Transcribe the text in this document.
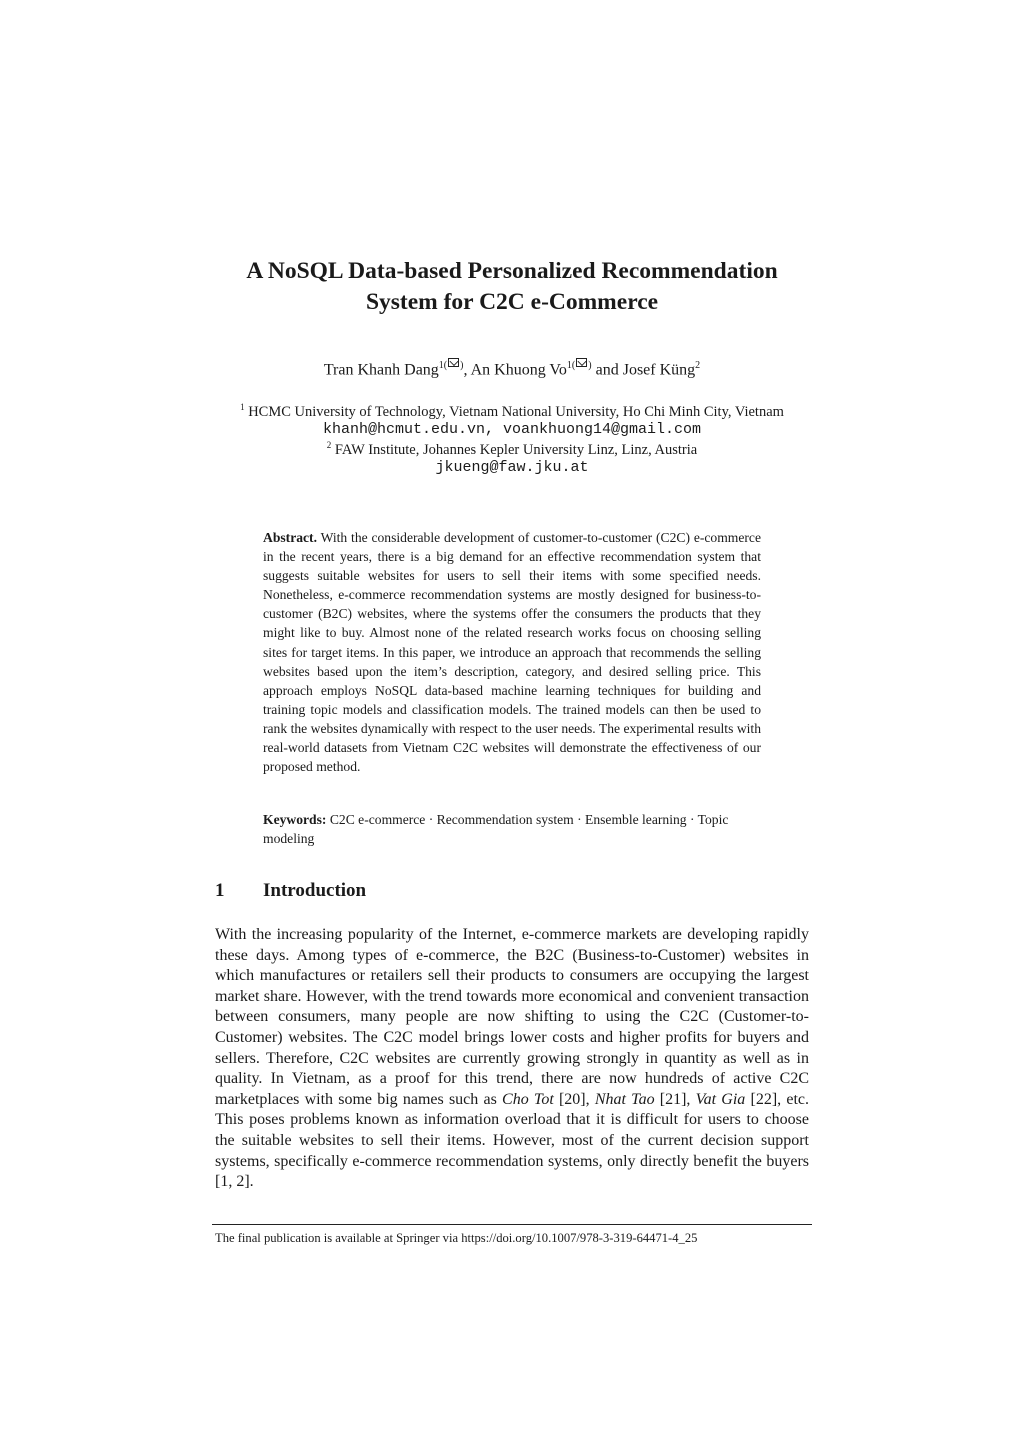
A NoSQL Data-based Personalized Recommendation
System for C2C e-Commerce
Tran Khanh Dang$^{1( )}$, An Khuong $Vo^{1( )}$ and Josef Küng$^2$
$^1$ HCMC University of Technology, Vietnam National University, Ho Chi Minh City, Vietnam
khanh@hcmut.edu.vn, voankhuong14@gmail.com
$^2$ FAW Institute, Johannes Kepler University Linz, Linz, Austria
jkueng@faw.jku.at

Abstract. With the considerable development of customer-to-customer (C2C) e-commerce in the recent years, there is a big demand for an effective recommendation system that suggests suitable websites for users to sell their items with some specified needs. Nonetheless, e-commerce recommendation systems are mostly designed for business-to-customer (B2C) websites, where the systems offer the consumers the products that they might like to buy. Almost none of the related research works focus on choosing selling sites for target items. In this paper, we introduce an approach that recommends the selling websites based upon the item’s description, category, and desired selling price. This approach employs NoSQL data-based machine learning techniques for building and training topic models and classification models. The trained models can then be used to rank the websites dynamically with respect to the user needs. The experimental results with real-world datasets from Vietnam C2C websites will demonstrate the effectiveness of our proposed method.

Keywords: C2C e-commerce · Recommendation system · Ensemble learning · Topic modeling

1 Introduction

With the increasing popularity of the Internet, e-commerce markets are developing rapidly these days. Among types of e-commerce, the B2C (Business-to-Customer) websites in which manufactures or retailers sell their products to consumers are occupying the largest market share. However, with the trend towards more economical and convenient transaction between consumers, many people are now shifting to using the C2C (Customer-to-Customer) websites. The C2C model brings lower costs and higher profits for buyers and sellers. Therefore, C2C websites are currently growing strongly in quantity as well as in quality. In Vietnam, as a proof for this trend, there are now hundreds of active C2C marketplaces with some big names such as Cho Tot [20], Nhat Tao [21], Vat Gia [22], etc. This poses problems known as information overload that it is difficult for users to choose the suitable websites to sell their items. However, most of the current decision support systems, specifically e-commerce recommendation systems, only directly benefit the buyers [1, 2].

The final publication is available at Springer via https://doi.org/10.1007/978-3-319-64471-4_25
